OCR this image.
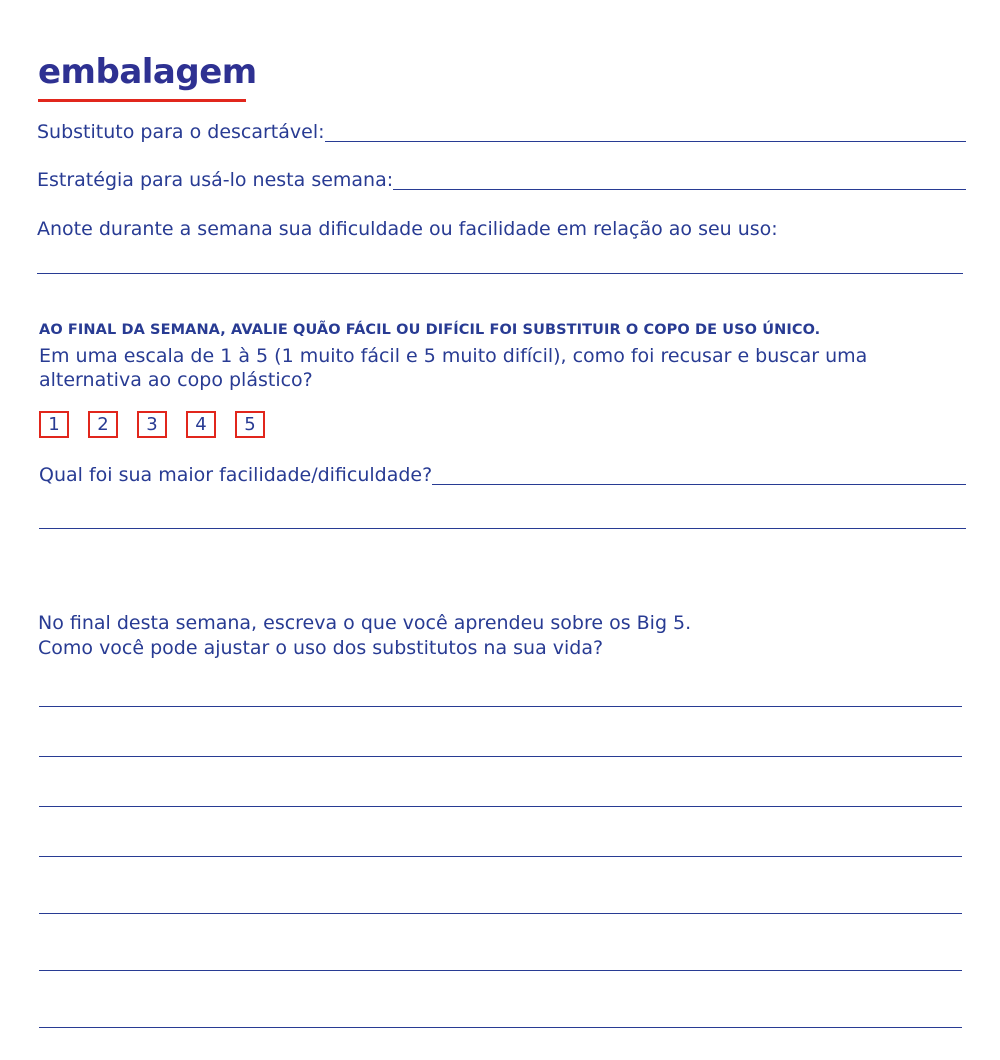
embalagem
Substituto para o descartável:
Estratégia para usá-lo nesta semana:
Anote durante a semana sua dificuldade ou facilidade em relação ao seu uso:
AO FINAL DA SEMANA, AVALIE QUÃO FÁCIL OU DIFÍCIL FOI SUBSTITUIR O COPO DE USO ÚNICO.
Em uma escala de 1 à 5 (1 muito fácil e 5 muito difícil), como foi recusar e buscar uma alternativa ao copo plástico?
1	2	3	4	5
Qual foi sua maior facilidade/dificuldade?
No final desta semana, escreva o que você aprendeu sobre os Big 5.
Como você pode ajustar o uso dos substitutos na sua vida?
